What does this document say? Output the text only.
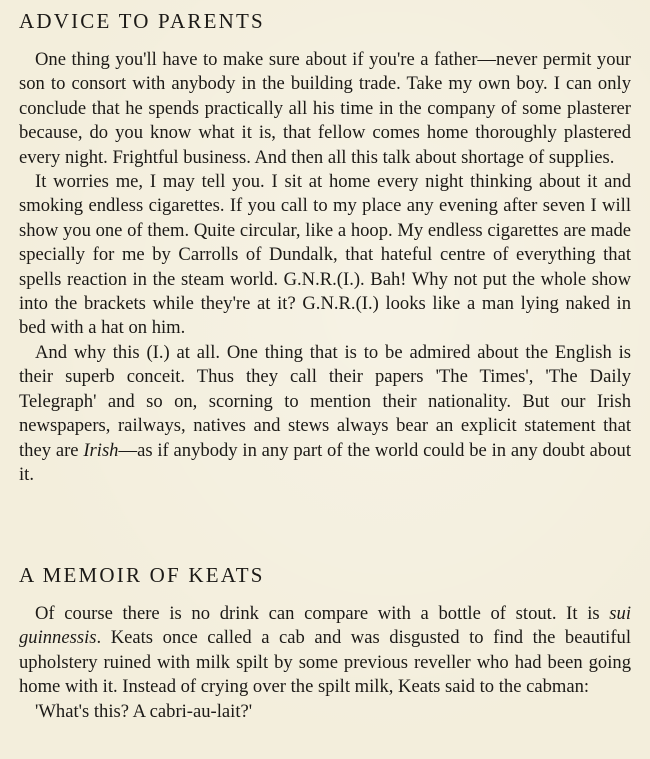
ADVICE TO PARENTS

One thing you'll have to make sure about if you're a father—never permit your son to consort with anybody in the building trade. Take my own boy. I can only conclude that he spends practically all his time in the company of some plasterer because, do you know what it is, that fellow comes home thoroughly plastered every night. Frightful business. And then all this talk about shortage of supplies.

It worries me, I may tell you. I sit at home every night thinking about it and smoking endless cigarettes. If you call to my place any evening after seven I will show you one of them. Quite circular, like a hoop. My endless cigarettes are made specially for me by Carrolls of Dundalk, that hateful centre of everything that spells reaction in the steam world. G.N.R.(I.). Bah! Why not put the whole show into the brackets while they're at it? G.N.R.(I.) looks like a man lying naked in bed with a hat on him.

And why this (I.) at all. One thing that is to be admired about the English is their superb conceit. Thus they call their papers 'The Times', 'The Daily Telegraph' and so on, scorning to mention their nationality. But our Irish newspapers, railways, natives and stews always bear an explicit statement that they are Irish—as if anybody in any part of the world could be in any doubt about it.

A MEMOIR OF KEATS

Of course there is no drink can compare with a bottle of stout. It is sui guinnessis. Keats once called a cab and was disgusted to find the beautiful upholstery ruined with milk spilt by some previous reveller who had been going home with it. Instead of crying over the spilt milk, Keats said to the cabman:

'What's this? A cabri-au-lait?'
